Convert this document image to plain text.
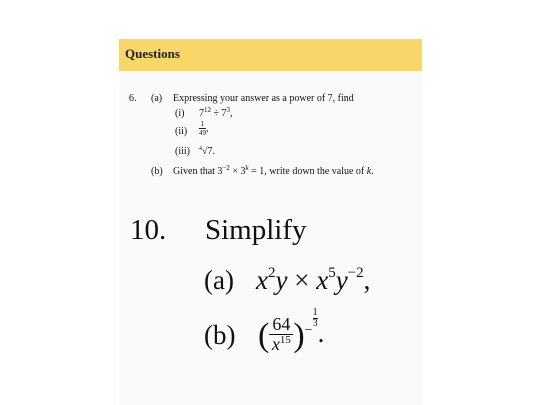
Questions
6. (a) Expressing your answer as a power of 7, find
(i) $7^{12} \div 7^3$,
$(ii) \frac{1}{49}$ ,
(iii) $^4$√7.
(b) Given that $3^{-2} \times 3^k = 1$, write down the value of k.
10. Simplify
(a) $x^2y \times x^5y^{-2}$,
(b) ( $\frac{64}{x^{15}}$ )−
$\frac{1}{3}$.
